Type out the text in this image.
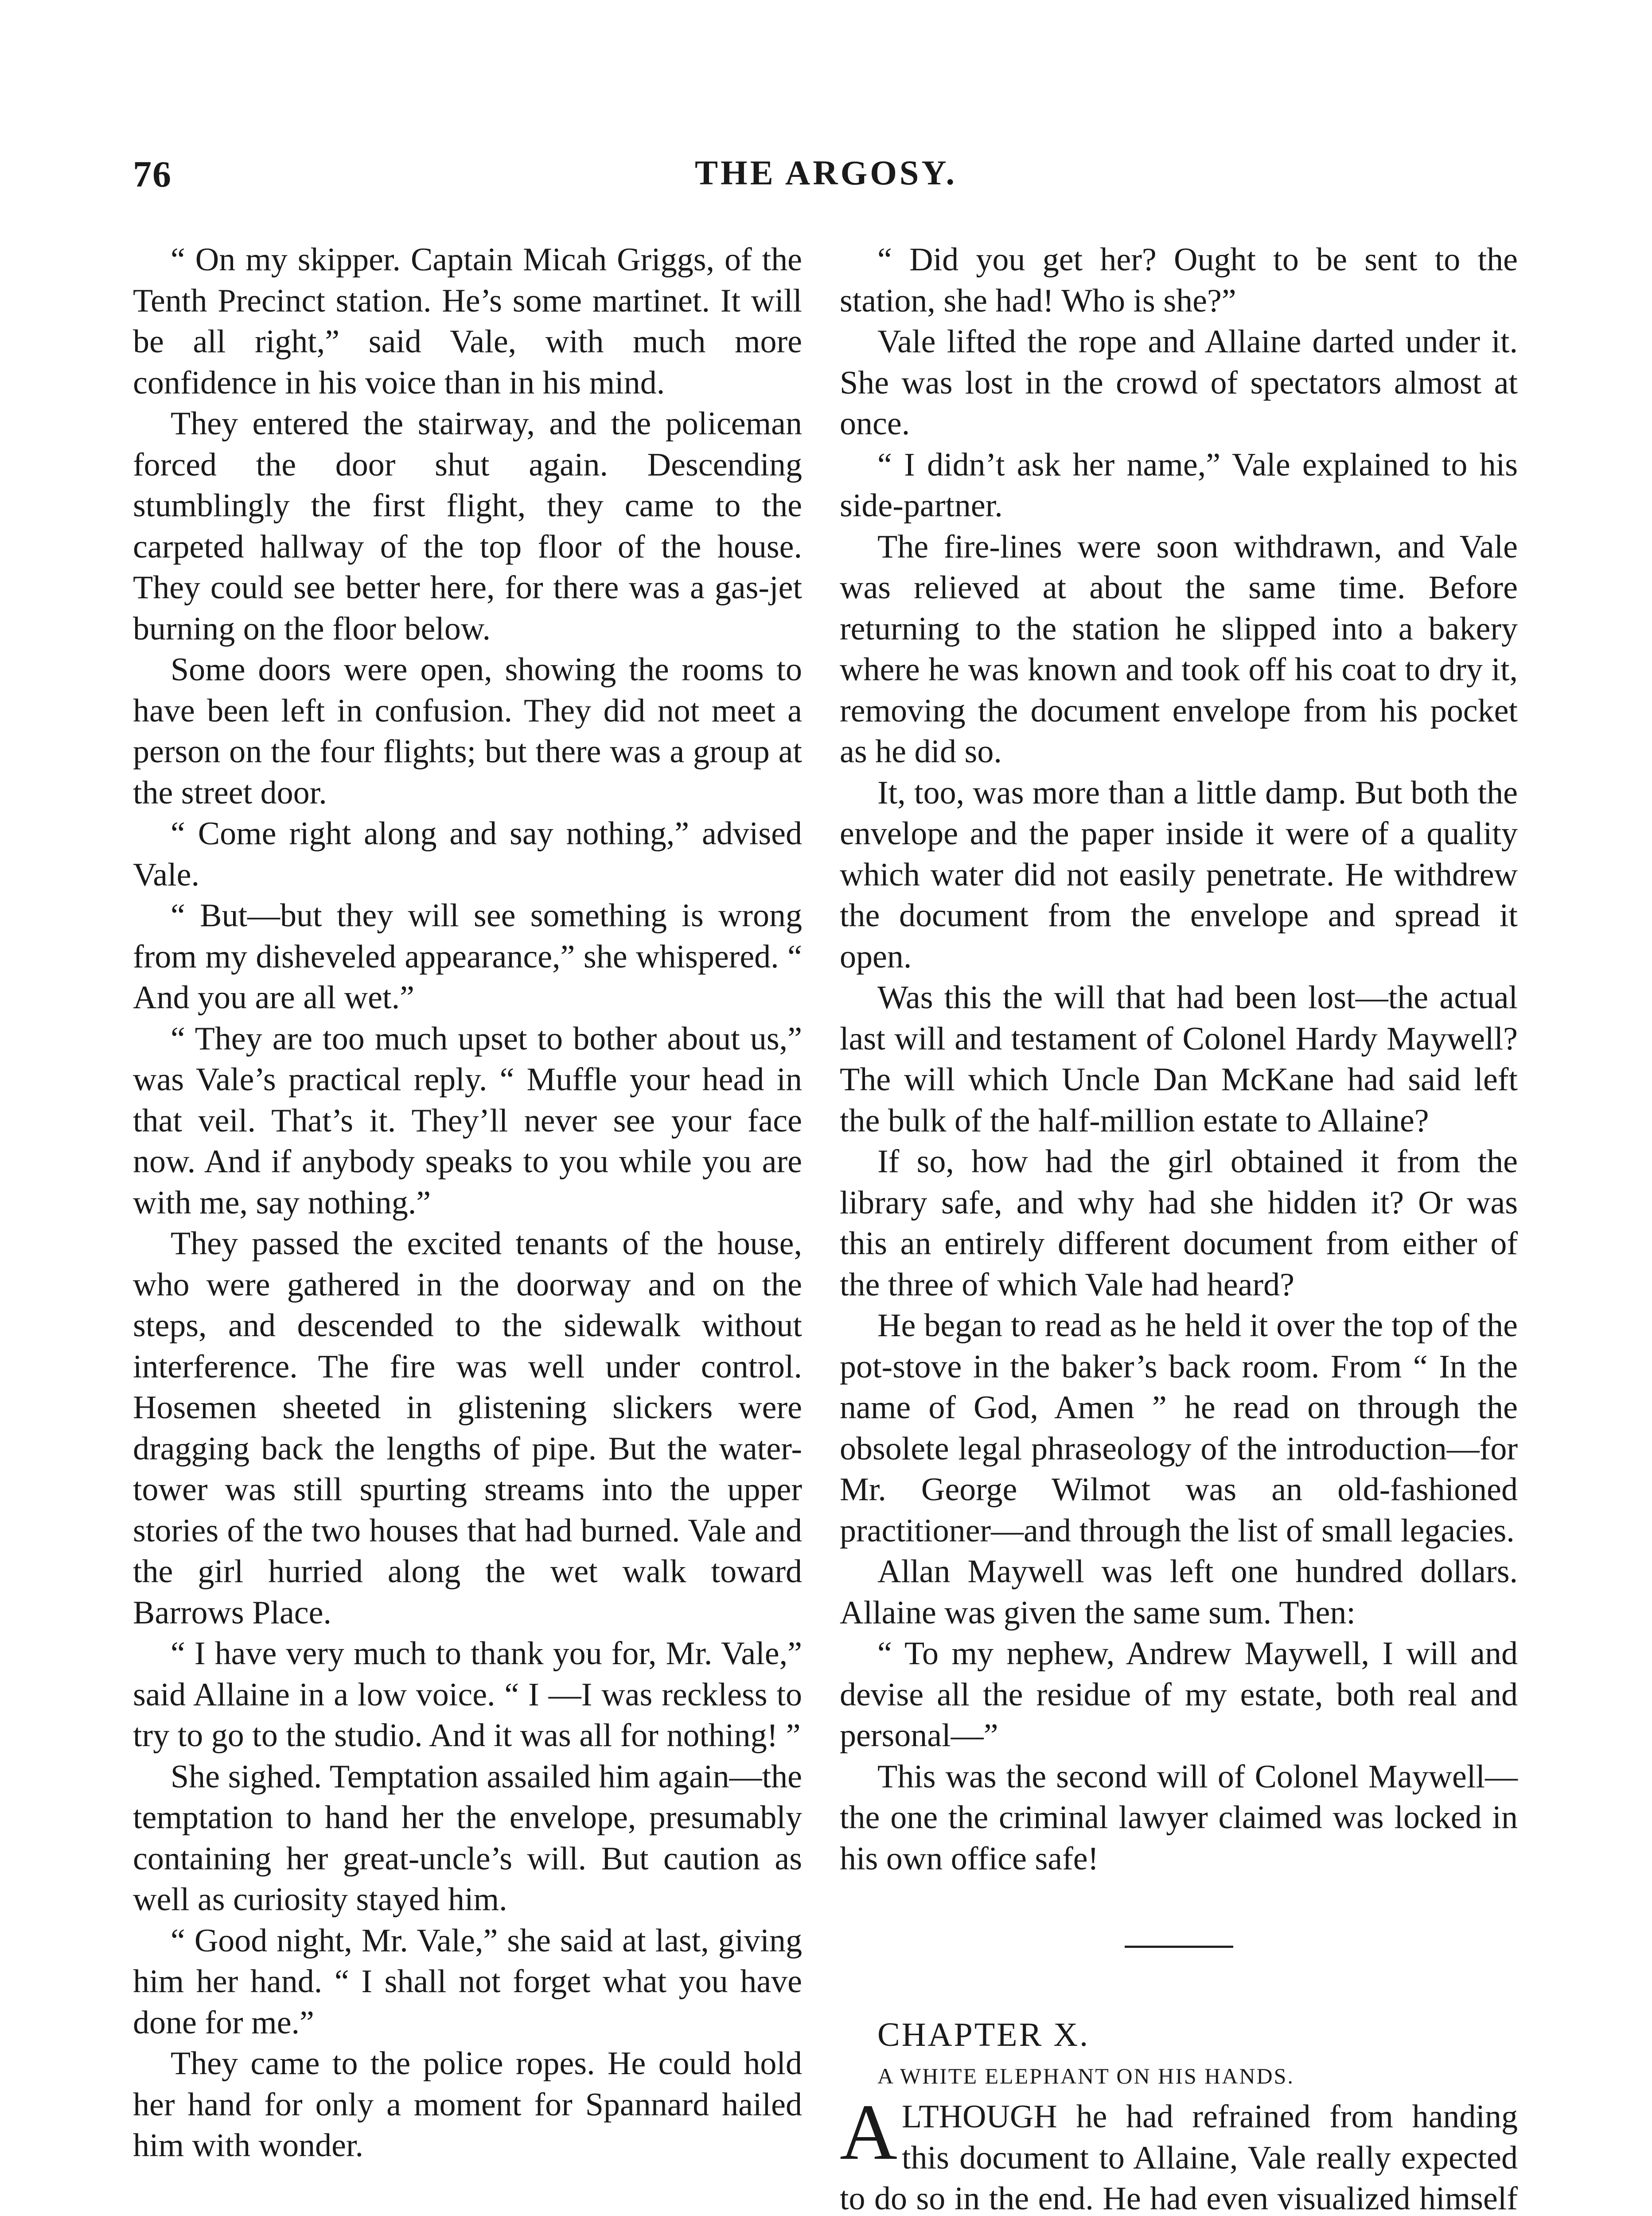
76	THE ARGOSY.

“ On my skipper. Captain Micah Griggs, of the Tenth Precinct station. He’s some martinet. It will be all right,” said Vale, with much more confidence in his voice than in his mind.

They entered the stairway, and the policeman forced the door shut again. Descending stumblingly the first flight, they came to the carpeted hallway of the top floor of the house. They could see better here, for there was a gas-jet burning on the floor below.

Some doors were open, showing the rooms to have been left in confusion. They did not meet a person on the four flights; but there was a group at the street door.

“ Come right along and say nothing,” advised Vale.

“ But—but they will see something is wrong from my disheveled appearance,” she whispered. “ And you are all wet.”

“ They are too much upset to bother about us,” was Vale’s practical reply. “ Muffle your head in that veil. That’s it. They’ll never see your face now. And if anybody speaks to you while you are with me, say nothing.”

They passed the excited tenants of the house, who were gathered in the doorway and on the steps, and descended to the sidewalk without interference. The fire was well under control. Hosemen sheeted in glistening slickers were dragging back the lengths of pipe. But the water-tower was still spurting streams into the upper stories of the two houses that had burned. Vale and the girl hurried along the wet walk toward Barrows Place.

“ I have very much to thank you for, Mr. Vale,” said Allaine in a low voice. “ I —I was reckless to try to go to the studio. And it was all for nothing! ”

She sighed. Temptation assailed him again—the temptation to hand her the envelope, presumably containing her great-uncle’s will. But caution as well as curiosity stayed him.

“ Good night, Mr. Vale,” she said at last, giving him her hand. “ I shall not forget what you have done for me.”

They came to the police ropes. He could hold her hand for only a moment for Spannard hailed him with wonder.

“ Did you get her? Ought to be sent to the station, she had! Who is she?”

Vale lifted the rope and Allaine darted under it. She was lost in the crowd of spectators almost at once.

“ I didn’t ask her name,” Vale explained to his side-partner.

The fire-lines were soon withdrawn, and Vale was relieved at about the same time. Before returning to the station he slipped into a bakery where he was known and took off his coat to dry it, removing the document envelope from his pocket as he did so.

It, too, was more than a little damp. But both the envelope and the paper inside it were of a quality which water did not easily penetrate. He withdrew the document from the envelope and spread it open.

Was this the will that had been lost—the actual last will and testament of Colonel Hardy Maywell? The will which Uncle Dan McKane had said left the bulk of the half-million estate to Allaine?

If so, how had the girl obtained it from the library safe, and why had she hidden it? Or was this an entirely different document from either of the three of which Vale had heard?

He began to read as he held it over the top of the pot-stove in the baker’s back room. From “ In the name of God, Amen ” he read on through the obsolete legal phraseology of the introduction—for Mr. George Wilmot was an old-fashioned practitioner—and through the list of small legacies.

Allan Maywell was left one hundred dollars. Allaine was given the same sum. Then:

“ To my nephew, Andrew Maywell, I will and devise all the residue of my estate, both real and personal—”

This was the second will of Colonel Maywell—the one the criminal lawyer claimed was locked in his own office safe!

CHAPTER X.

A WHITE ELEPHANT ON HIS HANDS.

ALTHOUGH he had refrained from handing this document to Allaine, Vale really expected to do so in the end. He had even visualized himself
